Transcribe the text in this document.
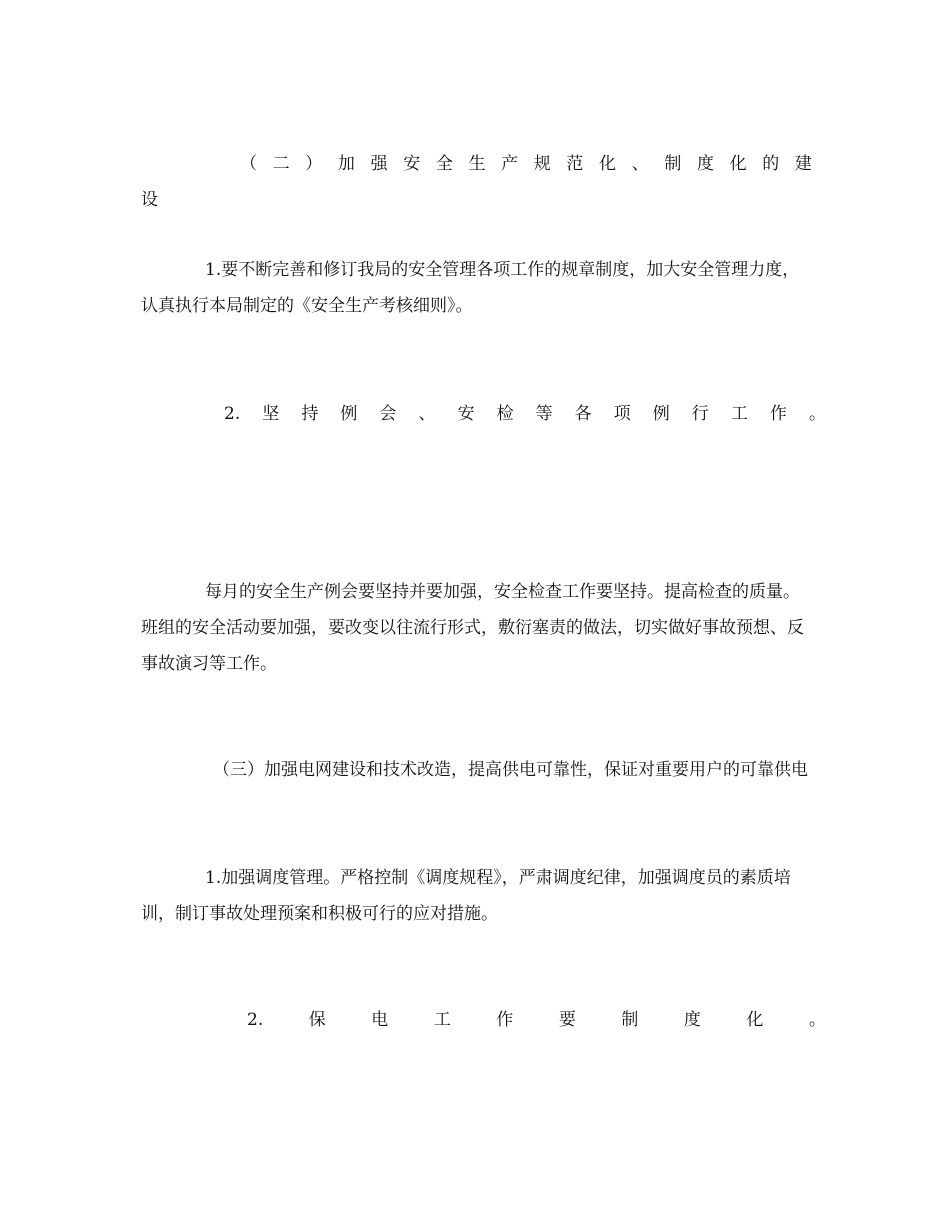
（ 二 ） 加 强 安 全 生 产 规 范 化 、 制 度 化 的 建
设

1.要不断完善和修订我局的安全管理各项工作的规章制度，加大安全管理力度，认真执行本局制定的《安全生产考核细则》。

2. 坚 持 例 会 、 安 检 等 各 项 例 行 工 作 。

每月的安全生产例会要坚持并要加强，安全检查工作要坚持。提高检查的质量。班组的安全活动要加强，要改变以往流行形式，敷衍塞责的做法，切实做好事故预想、反事故演习等工作。

（三）加强电网建设和技术改造，提高供电可靠性，保证对重要用户的可靠供电

1.加强调度管理。严格控制《调度规程》，严肃调度纪律，加强调度员的素质培训，制订事故处理预案和积极可行的应对措施。

2.	保	电	工	作	要	制	度	化	。
